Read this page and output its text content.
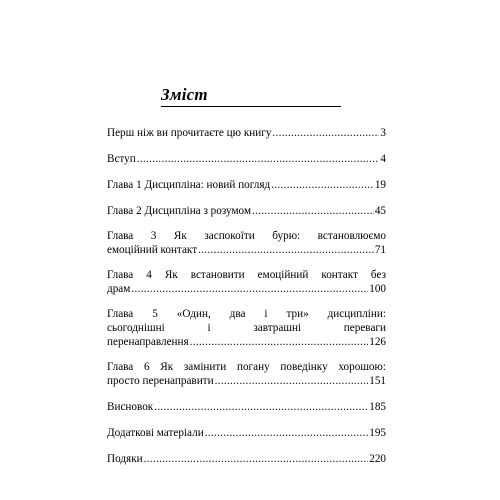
Зміст
Перш ніж ви прочитаєте цю книгу .....	3
Вступ .....	4
Глава 1 Дисципліна: новий погляд .....	19
Глава 2 Дисципліна з розумом .....	45
Глава 3 Як заспокоїти бурю: встановлюємо
емоційний контакт .....	71
Глава 4 Як встановити емоційний контакт без
драм .....	100
Глава 5 «Один, два і три» дисципліни:
сьогоднішні і завтрашні переваги
перенаправлення .....	126
Глава 6 Як замінити погану поведінку хорошою:
просто перенаправити .....	151
Висновок .....	185
Додаткові матеріали .....	195
Подяки .....	220
